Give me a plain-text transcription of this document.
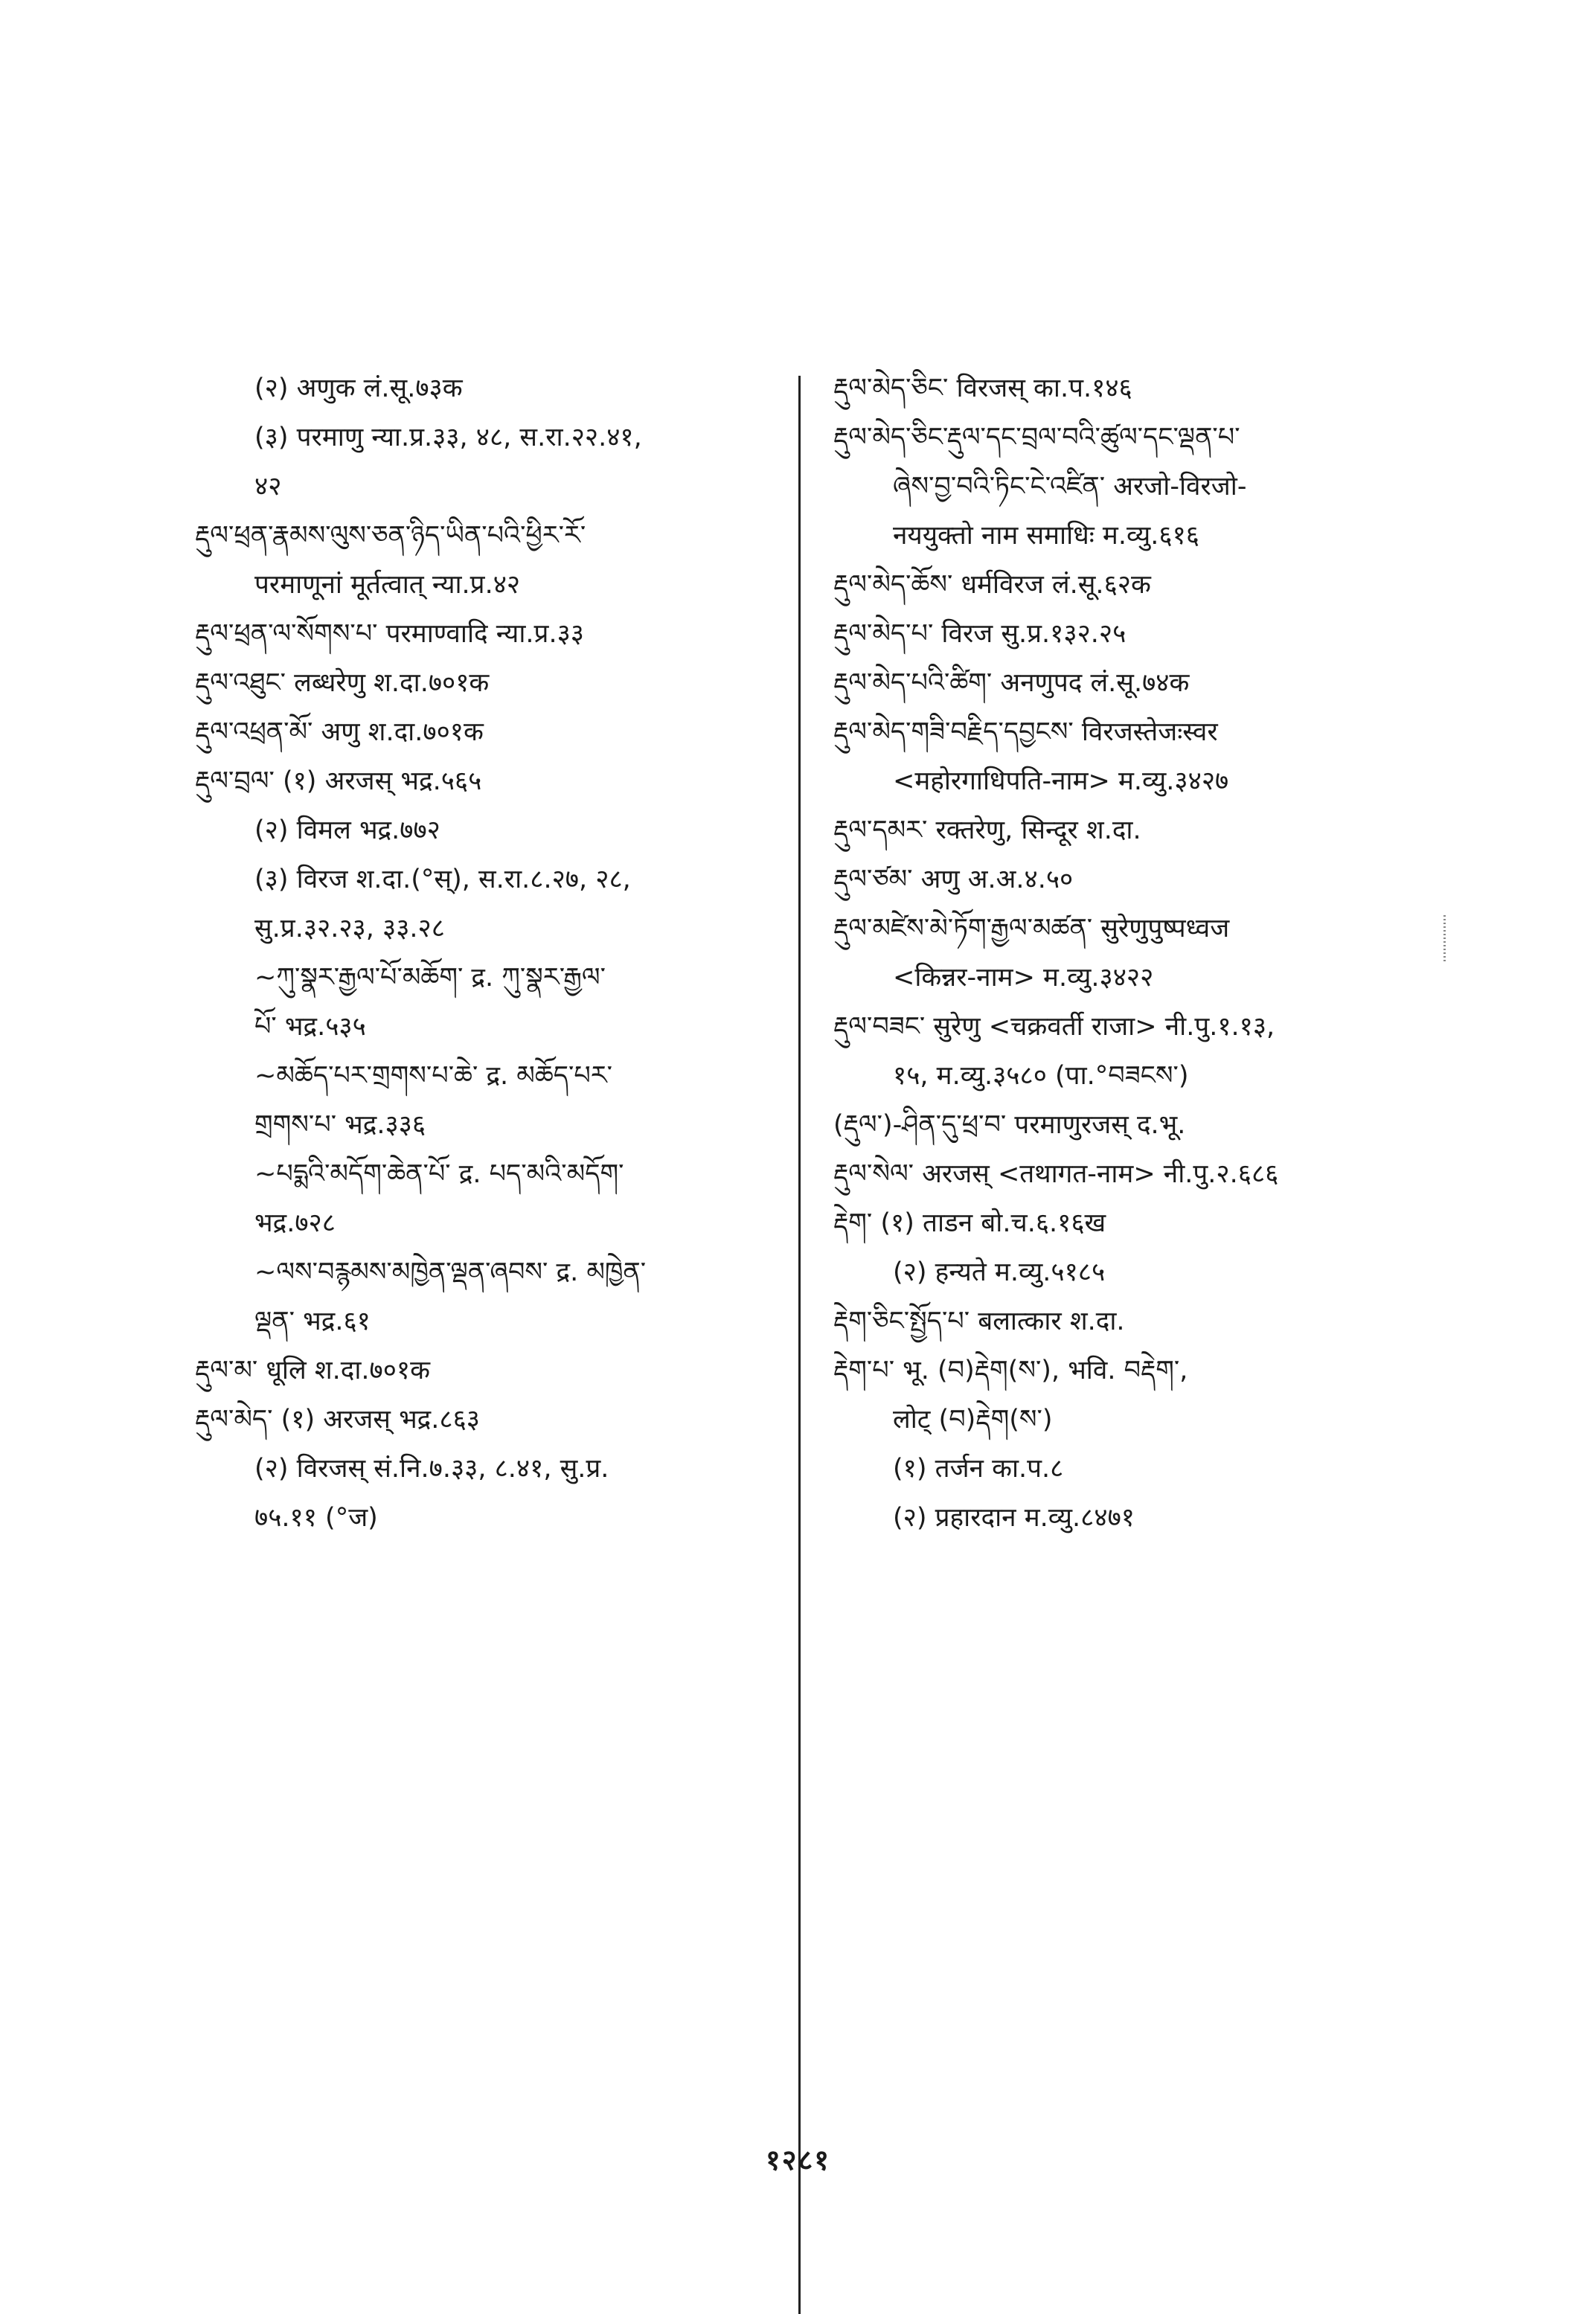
(२) अणुक लं.सू.७३क
(३) परमाणु न्या.प्र.३३, ४८, स.रा.२२.४१,
४२
རྡུལ་ཕྲན་རྣམས་ལུས་ཅན་ཉིད་ཡིན་པའི་ཕྱིར་རོ་
परमाणूनां मूर्तत्वात् न्या.प्र.४२
རྡུལ་ཕྲན་ལ་སོགས་པ་ परमाण्वादि न्या.प्र.३३
རྡུལ་འཐུང་ लब्धरेणु श.दा.७०१क
རྡུལ་འཕྲན་མོ་ अणु श.दा.७०१क
རྡུལ་བྲལ་ (१) अरजस् भद्र.५६५
(२) विमल भद्र.७७२
(३) विरज श.दा.(°स्), स.रा.८.२७, २८,
सु.प्र.३२.२३, ३३.२८
~ཀུ་སྣར་རྒྱལ་པོ་མཆོག་ द्र. ཀུ་སྣར་རྒྱལ་
པོ་ भद्र.५३५
~མཆོད་པར་གྲགས་པ་ཆེ་ द्र. མཆོད་པར་
གྲགས་པ་ भद्र.३३६
~པདྨའི་མདོག་ཆེན་པོ་ द्र. པད་མའི་མདོག་
भद्र.७२८
~ལས་བརྙམས་མཁྱེན་ལྡན་ཞབས་ द्र. མཁྱེན་
ལྡན་ भद्र.६१
རྡུལ་མ་ धूलि श.दा.७०१क
རྡུལ་མེད་ (१) अरजस् भद्र.८६३
(२) विरजस् सं.नि.७.३३, ८.४१, सु.प्र.
७५.११ (°ज)
རྡུལ་མེད་ཅིང་ विरजस् का.प.१४६
རྡུལ་མེད་ཅིང་རྡུལ་དང་བྲལ་བའི་ཚུལ་དང་ལྡན་པ་
ཞེས་བྱ་བའི་ཏིང་ངེ་འཛིན་ अरजो-विरजो-
नययुक्तो नाम समाधिः म.व्यु.६१६
རྡུལ་མེད་ཆོས་ धर्मविरज लं.सू.६२क
རྡུལ་མེད་པ་ विरज सु.प्र.१३२.२५
རྡུལ་མེད་པའི་ཚིག་ अनणुपद लं.सू.७४क
རྡུལ་མེད་གཟི་བརྗིད་དབྱངས་ विरजस्तेजःस्वर
<महोरगाधिपति-नाम> म.व्यु.३४२७
རྡུལ་དམར་ रक्तरेणु, सिन्दूर श.दा.
རྡུལ་ཙམ་ अणु अ.अ.४.५०
རྡུལ་མཛེས་མེ་ཏོག་རྒྱལ་མཚན་ सुरेणुपुष्पध्वज
<किन्नर-नाम> म.व्यु.३४२२
རྡུལ་བཟང་ सुरेणु <चक्रवर्ती राजा> नी.पु.१.१३,
१५, म.व्यु.३५८० (पा.°བཟངས་)
(རྡུལ་)-ཤིན་དུ་ཕྲ་བ་ परमाणुरजस् द.भू.
རྡུལ་སེལ་ अरजस् <तथागत-नाम> नी.पु.२.६८६
རྡེག་ (१) ताडन बो.च.६.१६ख
(२) हन्यते म.व्यु.५१८५
རྡེག་ཅིང་སྤྱོད་པ་ बलात्कार श.दा.
རྡེག་པ་ भू. (བ)རྡེག(ས་), भवि. བརྡེག་,
लोट् (བ)རྡེག(ས་)
(१) तर्जन का.प.८
(२) प्रहारदान म.व्यु.८४७१
१२८१
